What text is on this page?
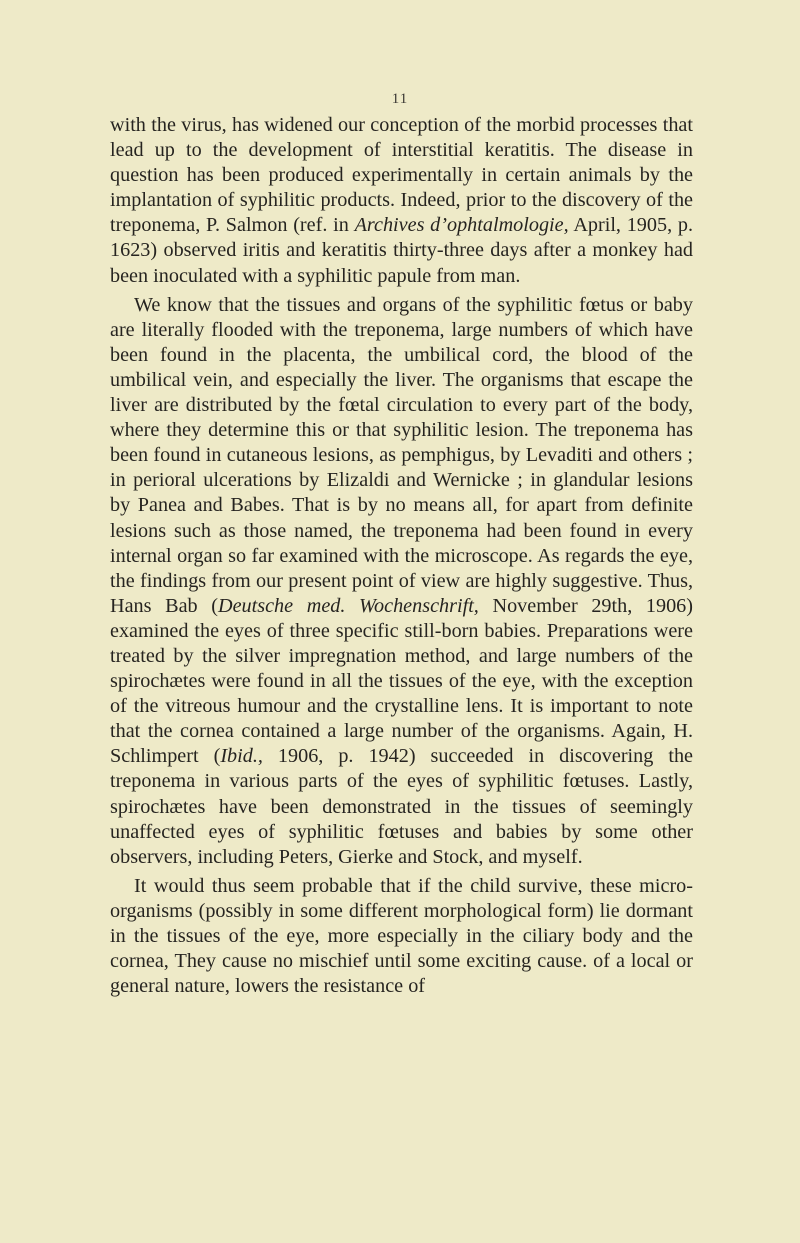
11

with the virus, has widened our conception of the morbid processes that lead up to the development of interstitial keratitis. The disease in question has been produced experimentally in certain animals by the implantation of syphilitic products. Indeed, prior to the discovery of the treponema, P. Salmon (ref. in Archives d’ophtalmologie, April, 1905, p. 1623) observed iritis and keratitis thirty-three days after a monkey had been inoculated with a syphilitic papule from man.

We know that the tissues and organs of the syphilitic fœtus or baby are literally flooded with the treponema, large numbers of which have been found in the placenta, the umbilical cord, the blood of the umbilical vein, and especially the liver. The organisms that escape the liver are distributed by the fœtal circulation to every part of the body, where they determine this or that syphilitic lesion. The treponema has been found in cutaneous lesions, as pemphigus, by Levaditi and others ; in perioral ulcerations by Elizaldi and Wernicke ; in glandular lesions by Panea and Babes. That is by no means all, for apart from definite lesions such as those named, the treponema had been found in every internal organ so far examined with the microscope. As regards the eye, the findings from our present point of view are highly suggestive. Thus, Hans Bab (Deutsche med. Wochenschrift, November 29th, 1906) examined the eyes of three specific still-born babies. Preparations were treated by the silver impregnation method, and large numbers of the spirochætes were found in all the tissues of the eye, with the exception of the vitreous humour and the crystalline lens. It is important to note that the cornea contained a large number of the organisms. Again, H. Schlimpert (Ibid., 1906, p. 1942) succeeded in discovering the treponema in various parts of the eyes of syphilitic fœtuses. Lastly, spirochætes have been demonstrated in the tissues of seemingly unaffected eyes of syphilitic fœtuses and babies by some other observers, including Peters, Gierke and Stock, and myself.

It would thus seem probable that if the child survive, these micro-organisms (possibly in some different morphological form) lie dormant in the tissues of the eye, more especially in the ciliary body and the cornea, They cause no mischief until some exciting cause. of a local or general nature, lowers the resistance of
